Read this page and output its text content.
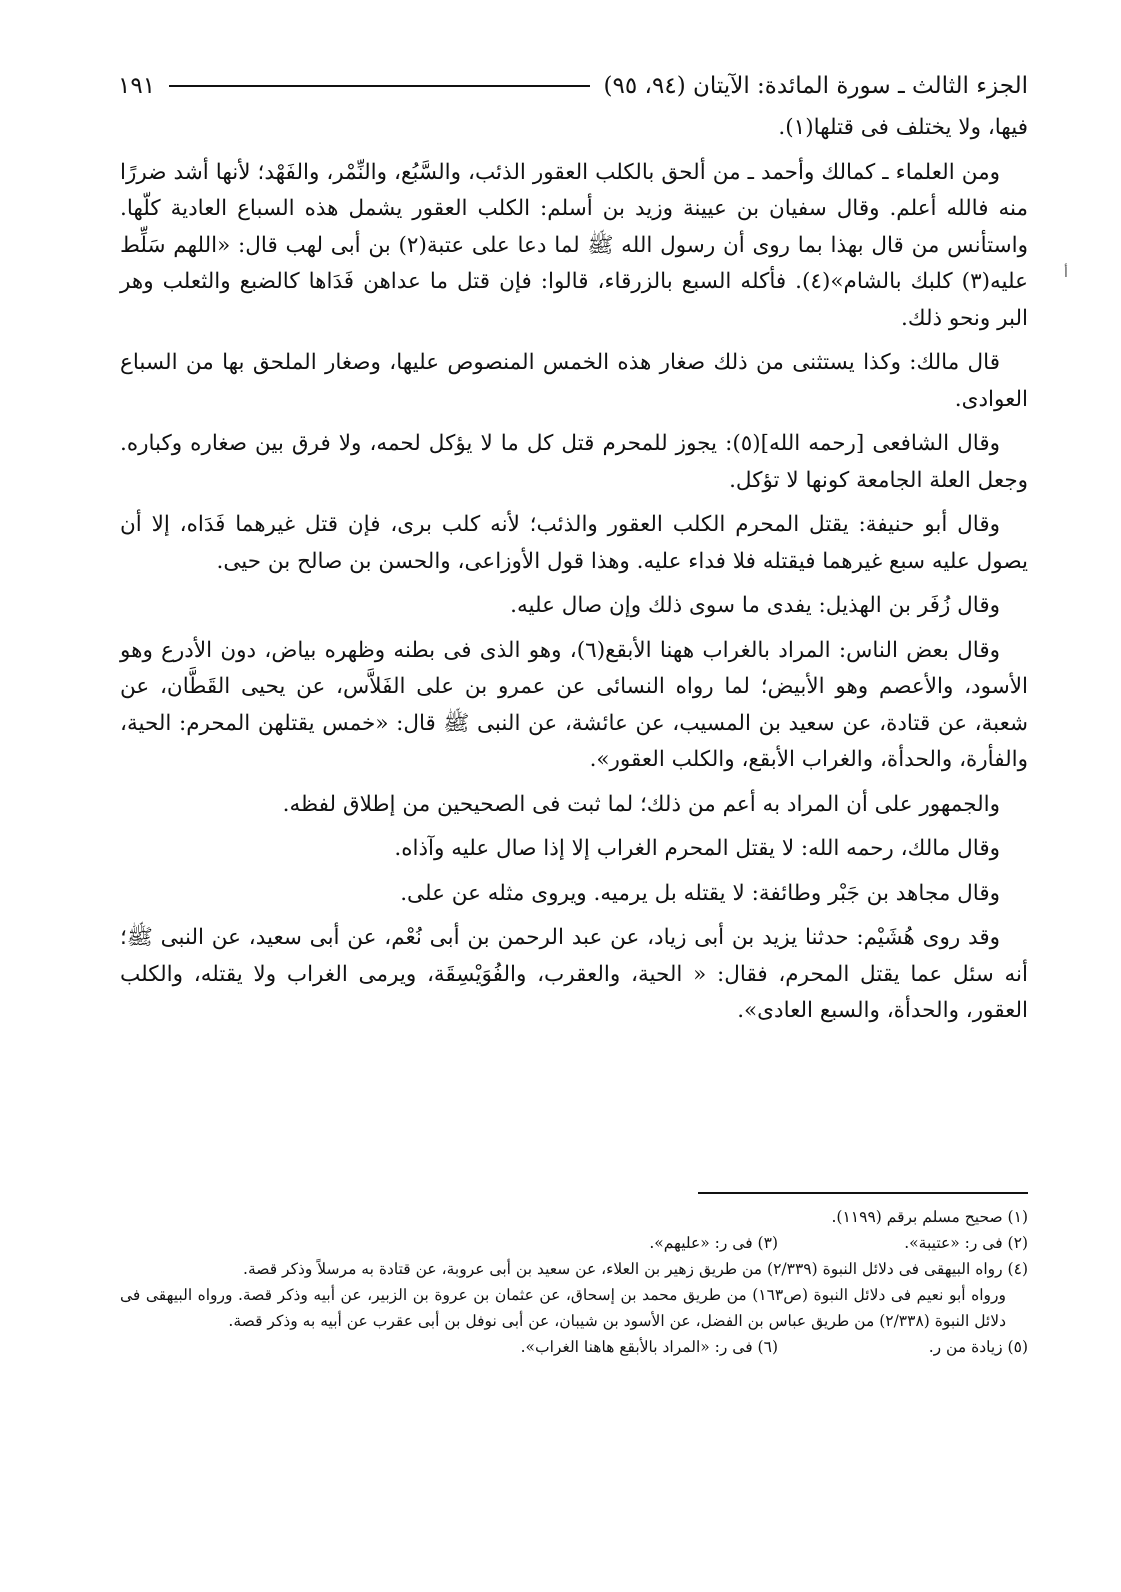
الجزء الثالث ـ سورة المائدة: الآيتان (٩٤، ٩٥)
١٩١
أ

فيها، ولا يختلف فى قتلها(١).

ومن العلماء ـ كمالك وأحمد ـ من ألحق بالكلب العقور الذئب، والسَّبُع، والنِّمْر، والفَهْد؛ لأنها أشد ضررًا منه فالله أعلم. وقال سفيان بن عيينة وزيد بن أسلم: الكلب العقور يشمل هذه السباع العادية كلّها. واستأنس من قال بهذا بما روى أن رسول الله ﷺ لما دعا على عتبة(٢) بن أبى لهب قال: «اللهم سَلِّط عليه(٣) كلبك بالشام»(٤). فأكله السبع بالزرقاء، قالوا: فإن قتل ما عداهن فَدَاها كالضبع والثعلب وهر البر ونحو ذلك.

قال مالك: وكذا يستثنى من ذلك صغار هذه الخمس المنصوص عليها، وصغار الملحق بها من السباع العوادى.

وقال الشافعى [رحمه الله](٥): يجوز للمحرم قتل كل ما لا يؤكل لحمه، ولا فرق بين صغاره وكباره. وجعل العلة الجامعة كونها لا تؤكل.

وقال أبو حنيفة: يقتل المحرم الكلب العقور والذئب؛ لأنه كلب برى، فإن قتل غيرهما فَدَاه، إلا أن يصول عليه سبع غيرهما فيقتله فلا فداء عليه. وهذا قول الأوزاعى، والحسن بن صالح بن حيى.

وقال زُفَر بن الهذيل: يفدى ما سوى ذلك وإن صال عليه.

وقال بعض الناس: المراد بالغراب ههنا الأبقع(٦)، وهو الذى فى بطنه وظهره بياض، دون الأدرع وهو الأسود، والأعصم وهو الأبيض؛ لما رواه النسائى عن عمرو بن على الفَلاَّس، عن يحيى القَطَّان، عن شعبة، عن قتادة، عن سعيد بن المسيب، عن عائشة، عن النبى ﷺ قال: «خمس يقتلهن المحرم: الحية، والفأرة، والحدأة، والغراب الأبقع، والكلب العقور».

والجمهور على أن المراد به أعم من ذلك؛ لما ثبت فى الصحيحين من إطلاق لفظه.

وقال مالك، رحمه الله: لا يقتل المحرم الغراب إلا إذا صال عليه وآذاه.

وقال مجاهد بن جَبْر وطائفة: لا يقتله بل يرميه. ويروى مثله عن على.

وقد روى هُشَيْم: حدثنا يزيد بن أبى زياد، عن عبد الرحمن بن أبى نُعْم، عن أبى سعيد، عن النبى ﷺ؛ أنه سئل عما يقتل المحرم، فقال: « الحية، والعقرب، والفُوَيْسِقَة، ويرمى الغراب ولا يقتله، والكلب العقور، والحدأة، والسبع العادى».

(١) صحيح مسلم برقم (١١٩٩).

(٢) فى ر: «عتيبة».
(٣) فى ر: «عليهم».

(٤) رواه البيهقى فى دلائل النبوة (٢/٣٣٩) من طريق زهير بن العلاء، عن سعيد بن أبى عروبة، عن قتادة به مرسلاً وذكر قصة.

ورواه أبو نعيم فى دلائل النبوة (ص١٦٣) من طريق محمد بن إسحاق، عن عثمان بن عروة بن الزبير، عن أبيه وذكر قصة. ورواه البيهقى فى دلائل النبوة (٢/٣٣٨) من طريق عباس بن الفضل، عن الأسود بن شيبان، عن أبى نوفل بن أبى عقرب عن أبيه به وذكر قصة.

(٥) زيادة من ر.
(٦) فى ر: «المراد بالأبقع هاهنا الغراب».
